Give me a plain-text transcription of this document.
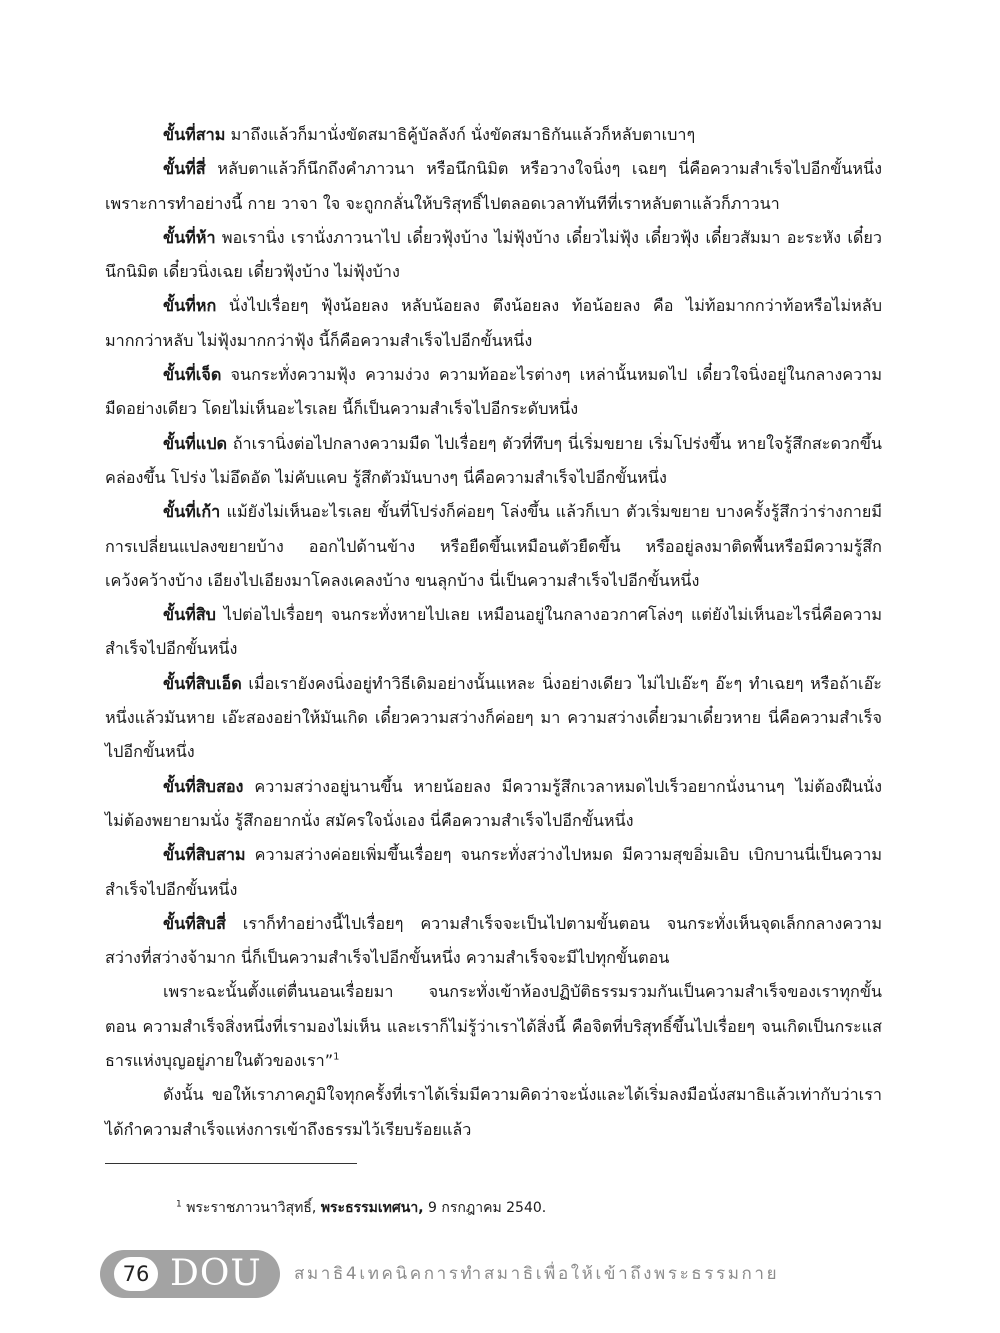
ขั้นที่สาม มาถึงแล้วก็มานั่งขัดสมาธิคู้บัลลังก์ นั่งขัดสมาธิกันแล้วก็หลับตาเบาๆ

ขั้นที่สี่ หลับตาแล้วก็นึกถึงคำภาวนา หรือนึกนิมิต หรือวางใจนิ่งๆ เฉยๆ นี่คือความสำเร็จไปอีกขั้นหนึ่ง เพราะการทำอย่างนี้ กาย วาจา ใจ จะถูกกลั่นให้บริสุทธิ์ไปตลอดเวลาทันทีที่เราหลับตาแล้วก็ภาวนา

ขั้นที่ห้า พอเรานิ่ง เรานั่งภาวนาไป เดี๋ยวฟุ้งบ้าง ไม่ฟุ้งบ้าง เดี๋ยวไม่ฟุ้ง เดี๋ยวฟุ้ง เดี๋ยวสัมมา อะระหัง เดี๋ยวนึกนิมิต เดี๋ยวนิ่งเฉย เดี๋ยวฟุ้งบ้าง ไม่ฟุ้งบ้าง

ขั้นที่หก นั่งไปเรื่อยๆ ฟุ้งน้อยลง หลับน้อยลง ตึงน้อยลง ท้อน้อยลง คือ ไม่ท้อมากกว่าท้อหรือไม่หลับมากกว่าหลับ ไม่ฟุ้งมากกว่าฟุ้ง นี้ก็คือความสำเร็จไปอีกขั้นหนึ่ง

ขั้นที่เจ็ด จนกระทั่งความฟุ้ง ความง่วง ความท้ออะไรต่างๆ เหล่านั้นหมดไป เดี๋ยวใจนิ่งอยู่ในกลางความมืดอย่างเดียว โดยไม่เห็นอะไรเลย นี้ก็เป็นความสำเร็จไปอีกระดับหนึ่ง

ขั้นที่แปด ถ้าเรานิ่งต่อไปกลางความมืด ไปเรื่อยๆ ตัวที่ทึบๆ นี่เริ่มขยาย เริ่มโปร่งขึ้น หายใจรู้สึกสะดวกขึ้น คล่องขึ้น โปร่ง ไม่อึดอัด ไม่คับแคบ รู้สึกตัวมันบางๆ นี่คือความสำเร็จไปอีกขั้นหนึ่ง

ขั้นที่เก้า แม้ยังไม่เห็นอะไรเลย ขั้นที่โปร่งก็ค่อยๆ โล่งขึ้น แล้วก็เบา ตัวเริ่มขยาย บางครั้งรู้สึกว่าร่างกายมีการเปลี่ยนแปลงขยายบ้าง ออกไปด้านข้าง หรือยืดขึ้นเหมือนตัวยืดขึ้น หรืออยู่ลงมาติดพื้นหรือมีความรู้สึกเคว้งคว้างบ้าง เอียงไปเอียงมาโคลงเคลงบ้าง ขนลุกบ้าง นี่เป็นความสำเร็จไปอีกขั้นหนึ่ง

ขั้นที่สิบ ไปต่อไปเรื่อยๆ จนกระทั่งหายไปเลย เหมือนอยู่ในกลางอวกาศโล่งๆ แต่ยังไม่เห็นอะไรนี่คือความสำเร็จไปอีกขั้นหนึ่ง

ขั้นที่สิบเอ็ด เมื่อเรายังคงนิ่งอยู่ทำวิธีเดิมอย่างนั้นแหละ นิ่งอย่างเดียว ไม่ไปเอ๊ะๆ อ๊ะๆ ทำเฉยๆ หรือถ้าเอ๊ะหนึ่งแล้วมันหาย เอ๊ะสองอย่าให้มันเกิด เดี๋ยวความสว่างก็ค่อยๆ มา ความสว่างเดี๋ยวมาเดี๋ยวหาย นี่คือความสำเร็จไปอีกขั้นหนึ่ง

ขั้นที่สิบสอง ความสว่างอยู่นานขึ้น หายน้อยลง มีความรู้สึกเวลาหมดไปเร็วอยากนั่งนานๆ ไม่ต้องฝืนนั่ง ไม่ต้องพยายามนั่ง รู้สึกอยากนั่ง สมัครใจนั่งเอง นี่คือความสำเร็จไปอีกขั้นหนึ่ง

ขั้นที่สิบสาม ความสว่างค่อยเพิ่มขึ้นเรื่อยๆ จนกระทั่งสว่างไปหมด มีความสุขอิ่มเอิบ เบิกบานนี่เป็นความสำเร็จไปอีกขั้นหนึ่ง

ขั้นที่สิบสี่ เราก็ทำอย่างนี้ไปเรื่อยๆ ความสำเร็จจะเป็นไปตามขั้นตอน จนกระทั่งเห็นจุดเล็กกลางความสว่างที่สว่างจ้ามาก นี่ก็เป็นความสำเร็จไปอีกขั้นหนึ่ง ความสำเร็จจะมีไปทุกขั้นตอน

เพราะฉะนั้นตั้งแต่ตื่นนอนเรื่อยมา จนกระทั่งเข้าห้องปฏิบัติธรรมรวมกันเป็นความสำเร็จของเราทุกขั้นตอน ความสำเร็จสิ่งหนึ่งที่เรามองไม่เห็น และเราก็ไม่รู้ว่าเราได้สิ่งนี้ คือจิตที่บริสุทธิ์ขึ้นไปเรื่อยๆ จนเกิดเป็นกระแสธารแห่งบุญอยู่ภายในตัวของเรา”$^1$

ดังนั้น ขอให้เราภาคภูมิใจทุกครั้งที่เราได้เริ่มมีความคิดว่าจะนั่งและได้เริ่มลงมือนั่งสมาธิแล้วเท่ากับว่าเราได้กำความสำเร็จแห่งการเข้าถึงธรรมไว้เรียบร้อยแล้ว

$^1$ พระราชภาวนาวิสุทธิ์, พระธรรมเทศนา, 9 กรกฎาคม 2540.
76 DOU สมาธิ4เทคนิคการทำสมาธิเพื่อให้เข้าถึงพระธรรมกาย
